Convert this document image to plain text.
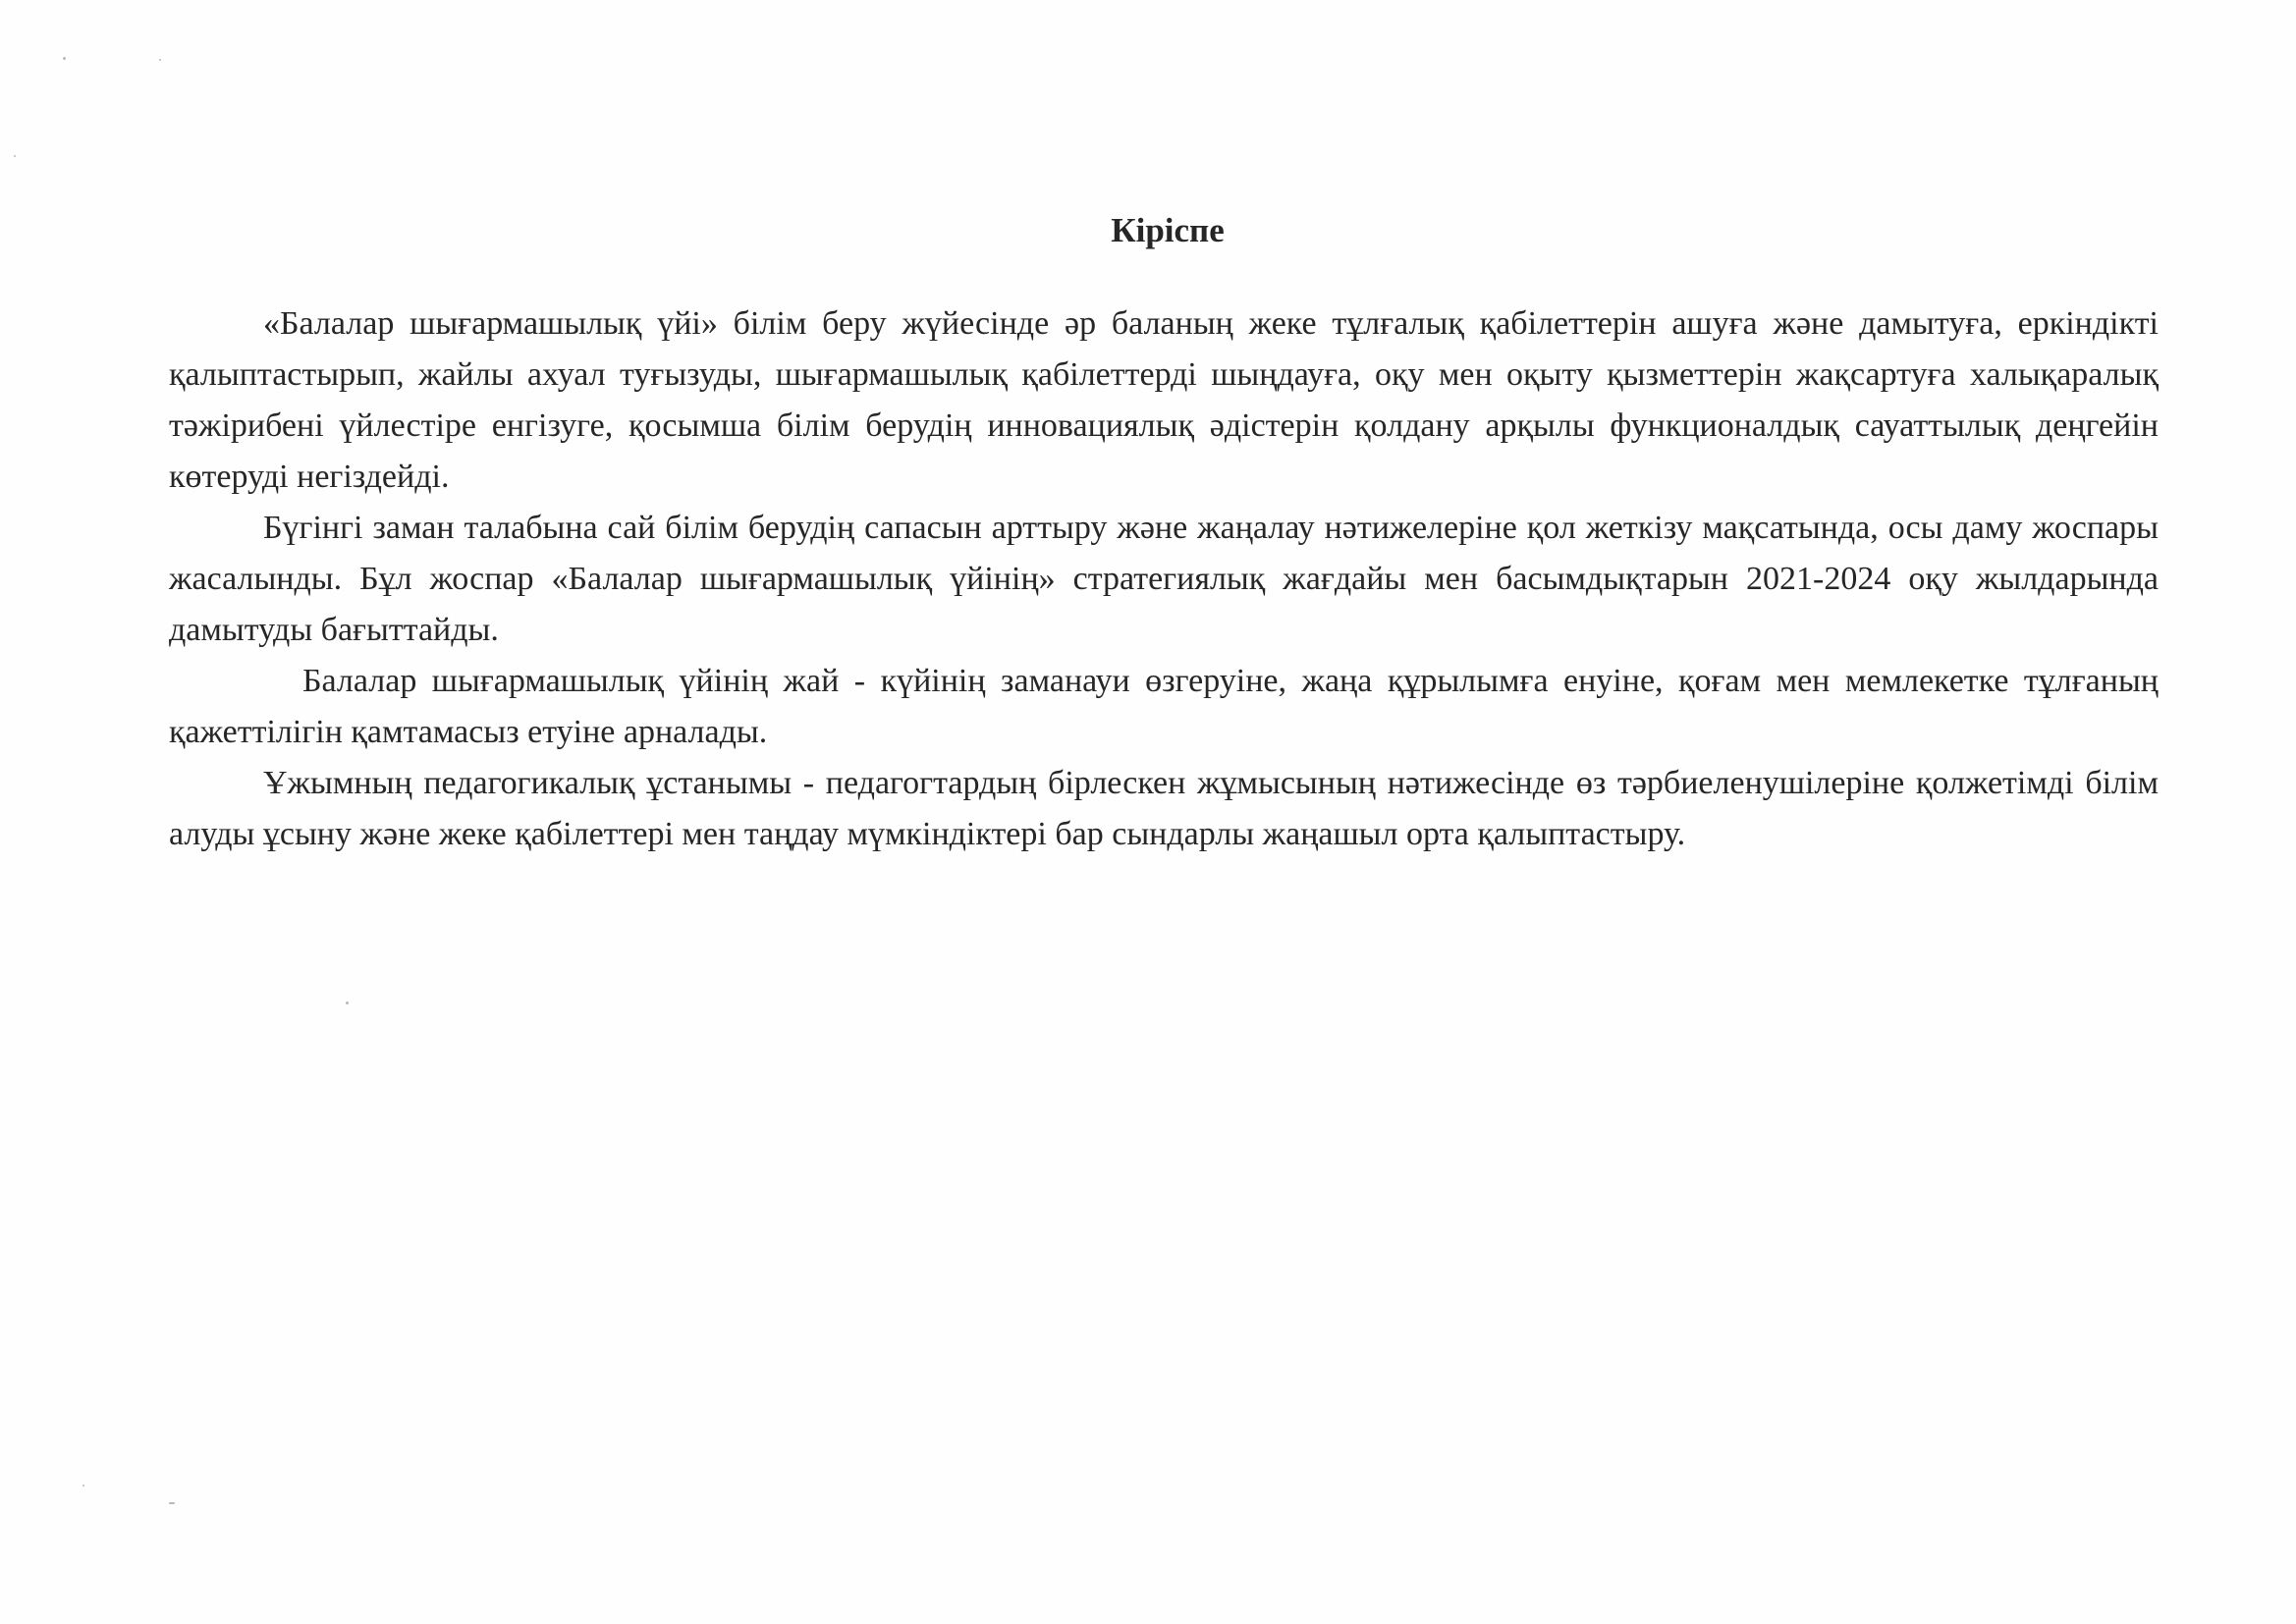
Кіріспе

«Балалар шығармашылық үйі» білім беру жүйесінде әр баланың жеке тұлғалық қабілеттерін ашуға және дамытуға, еркіндікті қалыптастырып, жайлы ахуал туғызуды, шығармашылық қабілеттерді шыңдауға, оқу мен оқыту қызметтерін жақсартуға халықаралық тәжірибені үйлестіре енгізуге, қосымша білім берудің инновациялық әдістерін қолдану арқылы функционалдық сауаттылық деңгейін көтеруді негіздейді.

Бүгінгі заман талабына сай білім берудің сапасын арттыру және жаңалау нәтижелеріне қол жеткізу мақсатында, осы даму жоспары жасалынды. Бұл жоспар «Балалар шығармашылық үйінің» стратегиялық жағдайы мен басымдықтарын 2021-2024 оқу жылдарында дамытуды бағыттайды.

Балалар шығармашылық үйінің жай - күйінің заманауи өзгеруіне, жаңа құрылымға енуіне, қоғам мен мемлекетке тұлғаның қажеттілігін қамтамасыз етуіне арналады.

Ұжымның педагогикалық ұстанымы - педагогтардың бірлескен жұмысының нәтижесінде өз тәрбиеленушілеріне қолжетімді білім алуды ұсыну және жеке қабілеттері мен таңдау мүмкіндіктері бар сындарлы жаңашыл орта қалыптастыру.
